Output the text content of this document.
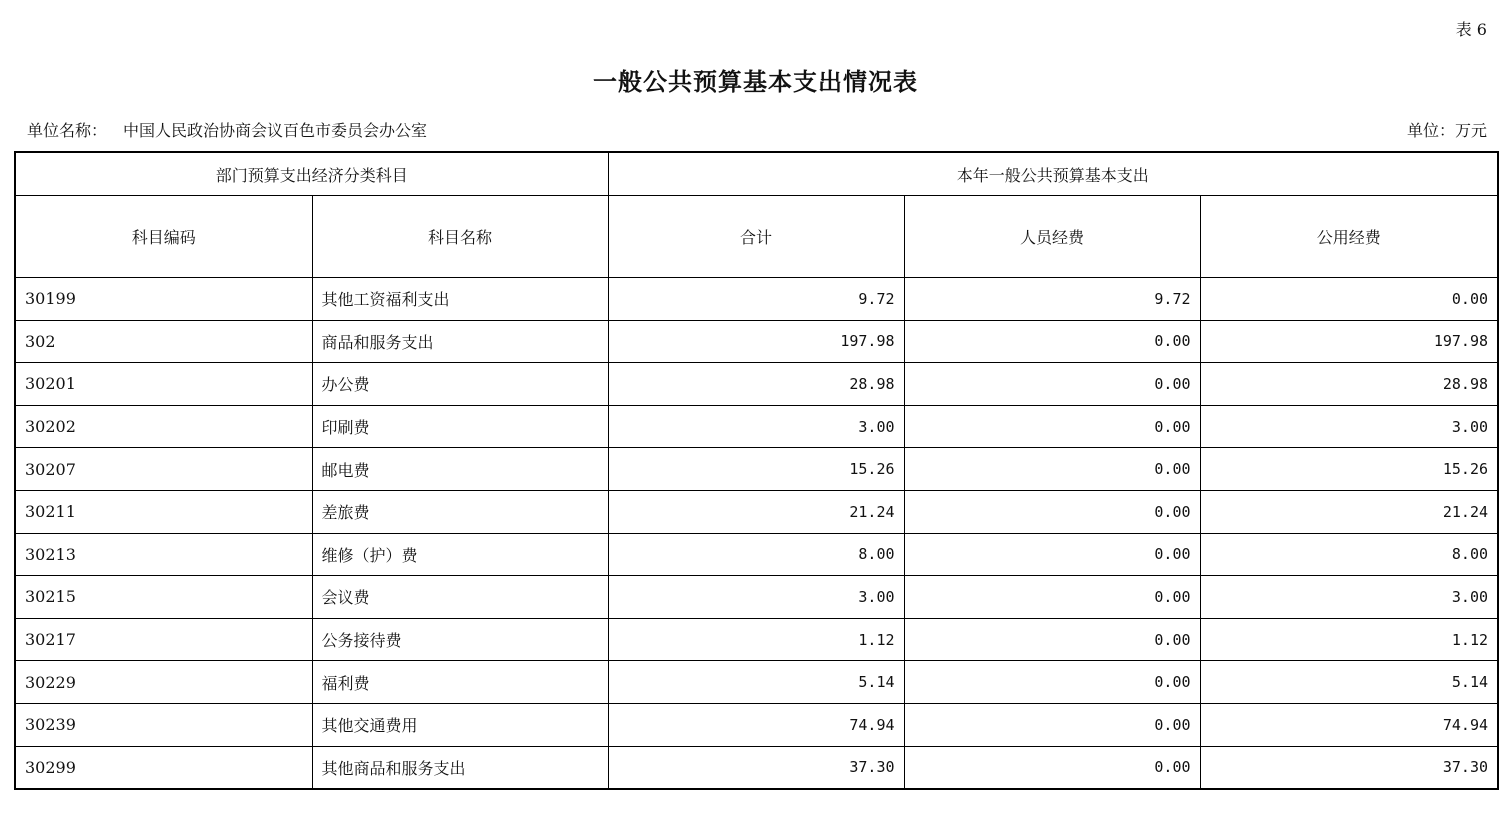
表 6
一般公共预算基本支出情况表
单位名称： 中国人民政治协商会议百色市委员会办公室	单位：万元
部门预算支出经济分类科目		本年一般公共预算基本支出		
科目编码	科目名称	合计	人员经费	公用经费
30199	其他工资福利支出	9.72	9.72	0.00
302	商品和服务支出	197.98	0.00	197.98
30201	办公费	28.98	0.00	28.98
30202	印刷费	3.00	0.00	3.00
30207	邮电费	15.26	0.00	15.26
30211	差旅费	21.24	0.00	21.24
30213	维修（护）费	8.00	0.00	8.00
30215	会议费	3.00	0.00	3.00
30217	公务接待费	1.12	0.00	1.12
30229	福利费	5.14	0.00	5.14
30239	其他交通费用	74.94	0.00	74.94
30299	其他商品和服务支出	37.30	0.00	37.30
